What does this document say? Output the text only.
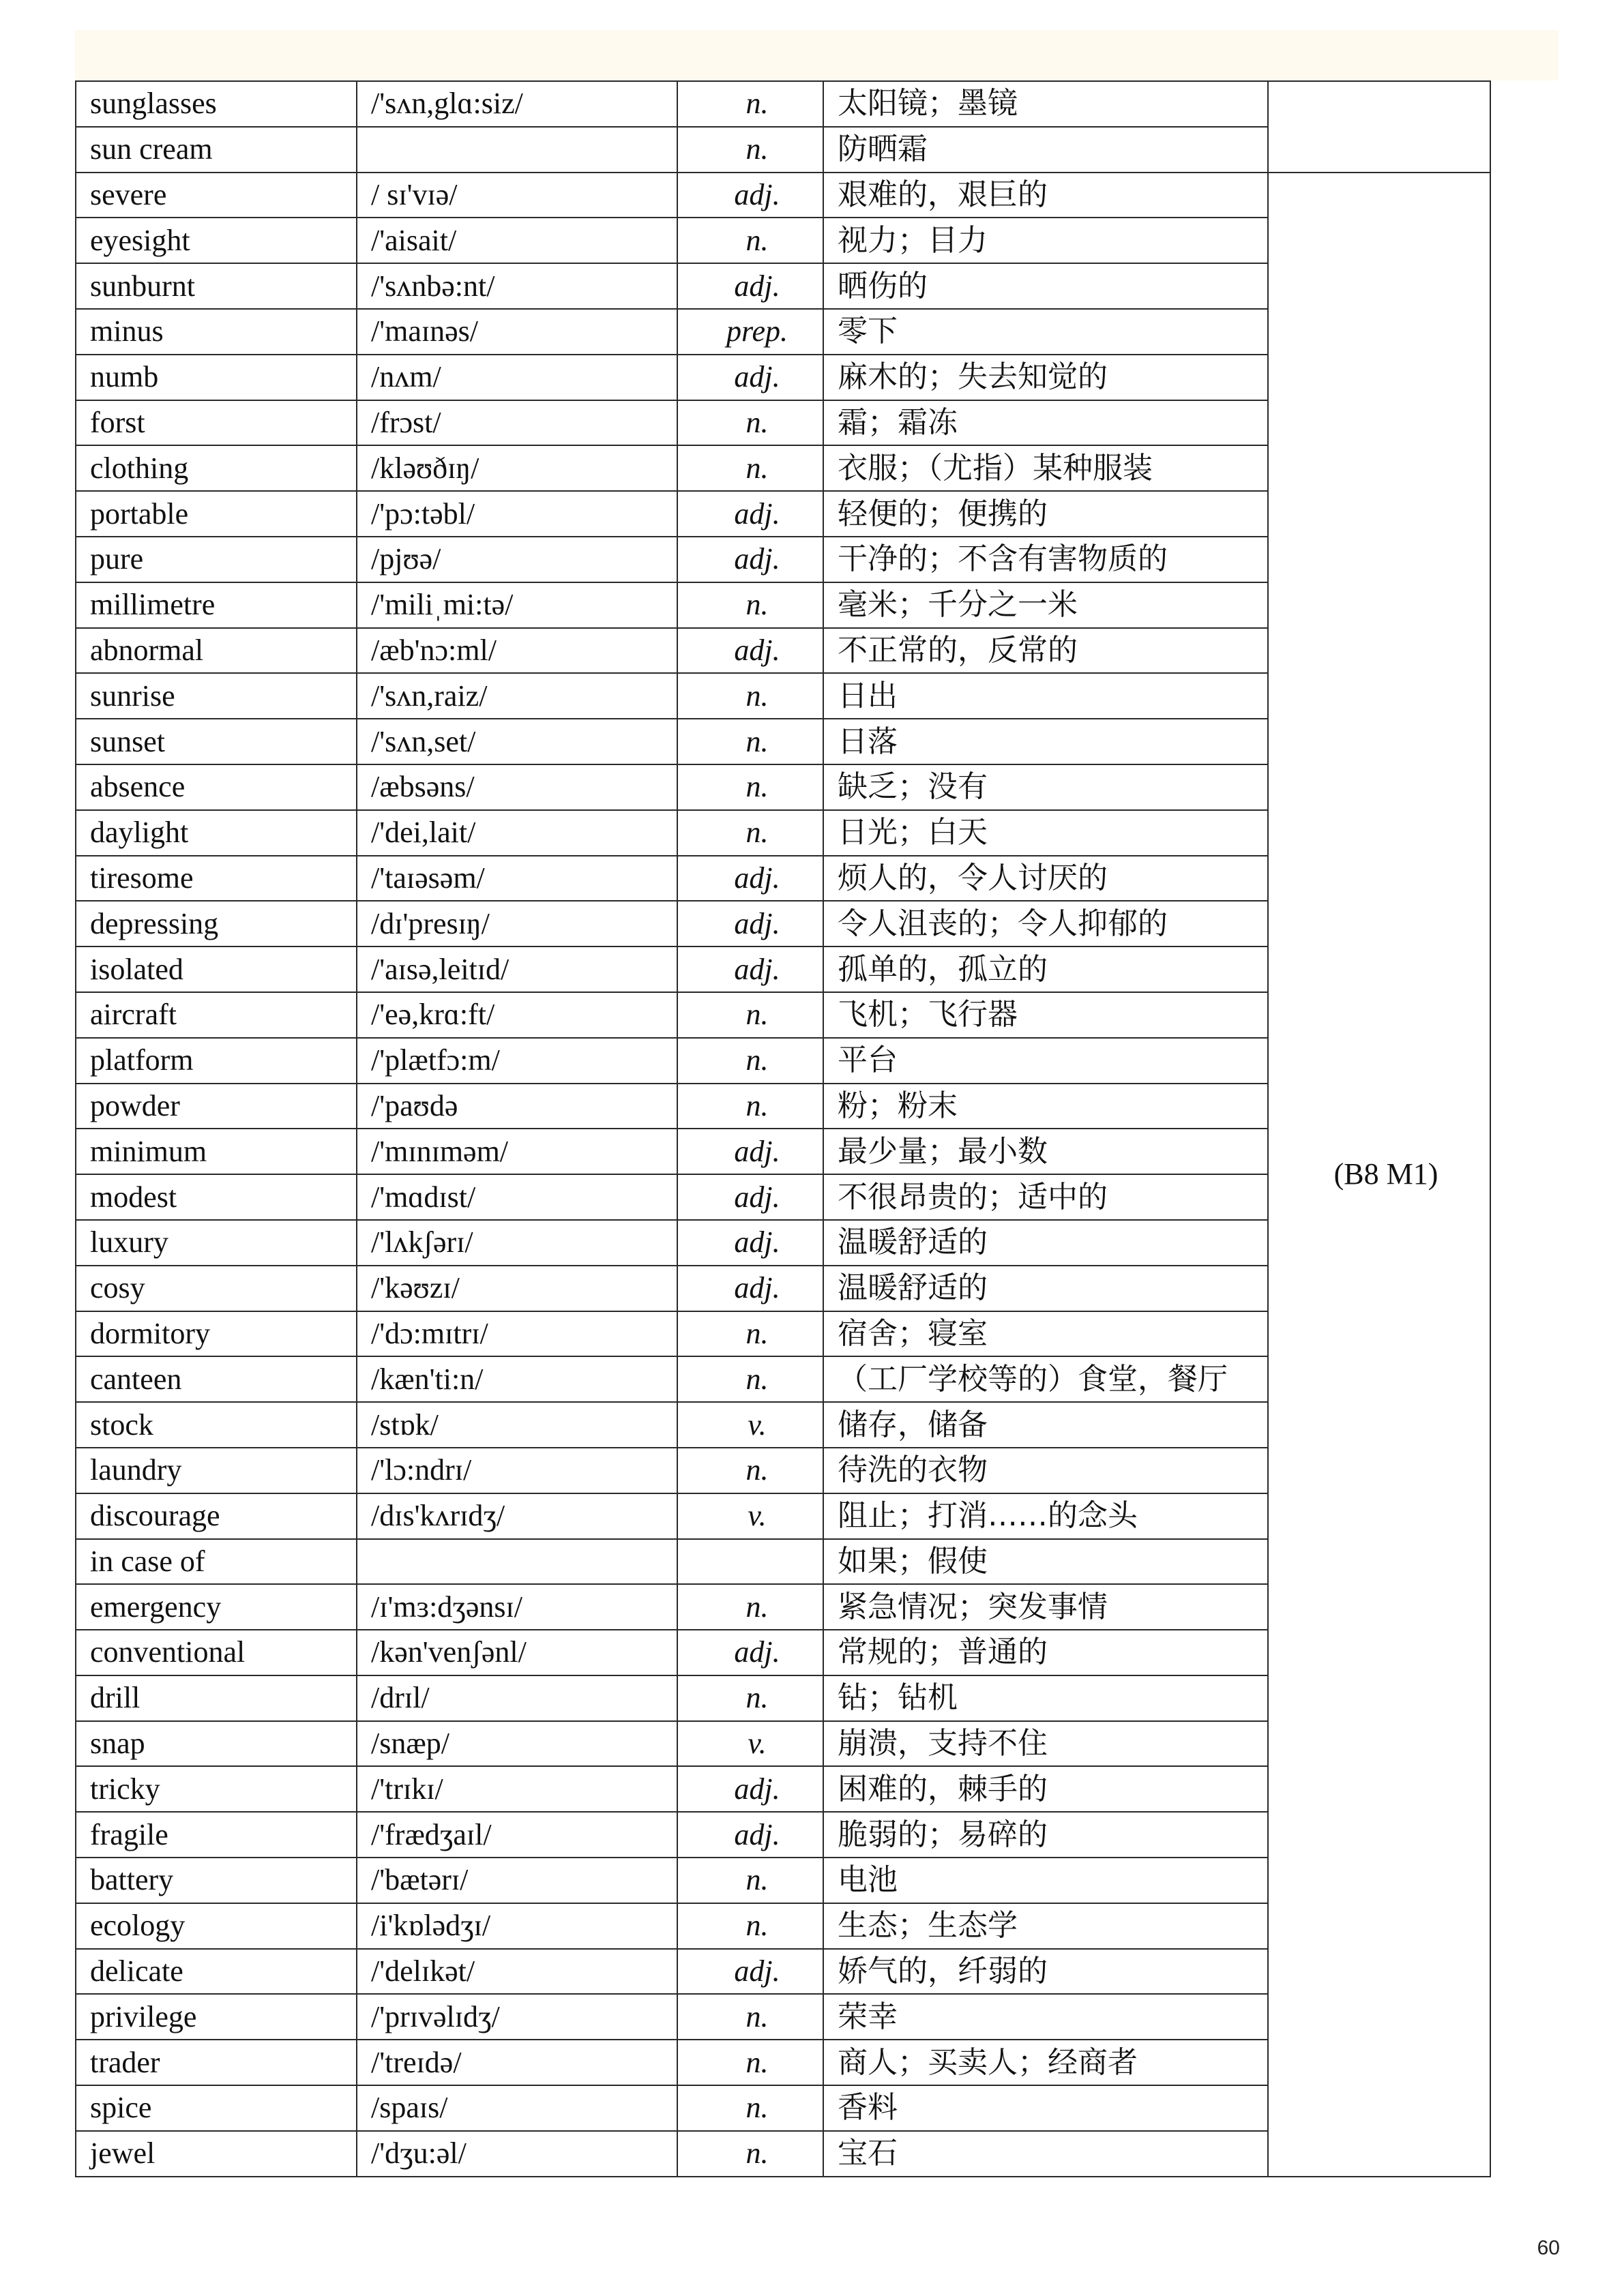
sunglasses	/'sʌn,glɑ:siz/	n.	太阳镜；墨镜	
sun cream		n.	防晒霜	
severe	/ sɪ'vɪə/	adj.	艰难的，艰巨的	(B8 M1)
eyesight	/'aisait/	n.	视力；目力	
sunburnt	/'sʌnbə:nt/	adj.	晒伤的	
minus	/'maɪnəs/	prep.	零下	
numb	/nʌm/	adj.	麻木的；失去知觉的	
forst	/frɔst/	n.	霜；霜冻	
clothing	/kləʊðɪŋ/	n.	衣服；（尤指）某种服装	
portable	/'pɔ:təbl/	adj.	轻便的；便携的	
pure	/pjʊə/	adj.	干净的；不含有害物质的	
millimetre	/'miliˌmi:tə/	n.	毫米；千分之一米	
abnormal	/æb'nɔ:ml/	adj.	不正常的，反常的	
sunrise	/'sʌn,raiz/	n.	日出	
sunset	/'sʌn,set/	n.	日落	
absence	/æbsəns/	n.	缺乏；没有	
daylight	/'dei,lait/	n.	日光；白天	
tiresome	/'taɪəsəm/	adj.	烦人的，令人讨厌的	
depressing	/dɪ'presɪŋ/	adj.	令人沮丧的；令人抑郁的	
isolated	/'aɪsə,leitɪd/	adj.	孤单的，孤立的	
aircraft	/'eə,krɑ:ft/	n.	飞机；飞行器	
platform	/'plætfɔ:m/	n.	平台	
powder	/'paʊdə	n.	粉；粉末	
minimum	/'mɪnɪməm/	adj.	最少量；最小数	
modest	/'mɑdɪst/	adj.	不很昂贵的；适中的	
luxury	/'lʌkʃərɪ/	adj.	温暖舒适的	
cosy	/'kəʊzɪ/	adj.	温暖舒适的	
dormitory	/'dɔ:mɪtrɪ/	n.	宿舍；寝室	
canteen	/kæn'ti:n/	n.	（工厂学校等的）食堂，餐厅	
stock	/stɒk/	v.	储存，储备	
laundry	/'lɔ:ndrɪ/	n.	待洗的衣物	
discourage	/dɪs'kʌrɪdʒ/	v.	阻止；打消……的念头	
in case of			如果；假使	
emergency	/ɪ'mɜ:dʒənsɪ/	n.	紧急情况；突发事情	
conventional	/kən'venʃənl/	adj.	常规的；普通的	
drill	/drɪl/	n.	钻；钻机	
snap	/snæp/	v.	崩溃，支持不住	
tricky	/'trɪkɪ/	adj.	困难的，棘手的	
fragile	/'frædʒaɪl/	adj.	脆弱的；易碎的	
battery	/'bætərɪ/	n.	电池	
ecology	/i'kɒlədʒɪ/	n.	生态；生态学	
delicate	/'delɪkət/	adj.	娇气的，纤弱的	
privilege	/'prɪvəlɪdʒ/	n.	荣幸	
trader	/'treɪdə/	n.	商人；买卖人；经商者	
spice	/spaɪs/	n.	香料	
jewel	/'dʒu:əl/	n.	宝石	
60
